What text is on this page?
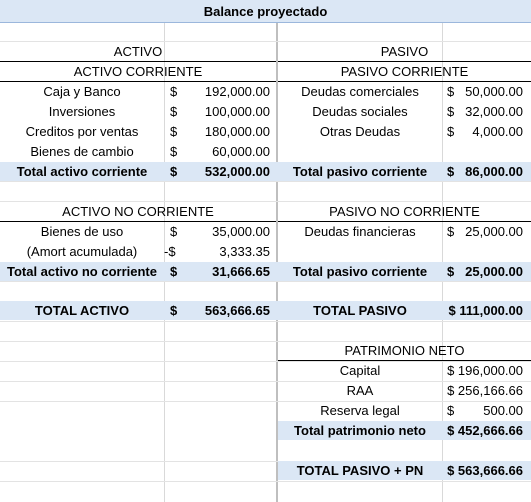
Balance proyectado
ACTIVO	PASIVO
ACTIVO CORRIENTE	PASIVO CORRIENTE
Caja y Banco	$	192,000.00	Deudas comerciales	$ 50,000.00
Inversiones	$	100,000.00	Deudas sociales	$ 32,000.00
Creditos por ventas	$	180,000.00	Otras Deudas	$	4,000.00
Bienes de cambio	$	60,000.00
Total activo corriente	$	532,000.00	Total pasivo corriente	$ 86,000.00
ACTIVO NO CORRIENTE	PASIVO NO CORRIENTE
Bienes de uso	$	35,000.00	Deudas financieras	$ 25,000.00
(Amort acumulada)	-$	3,333.35
Total activo no corriente	$	31,666.65	Total pasivo corriente	$ 25,000.00
TOTAL ACTIVO	$	563,666.65	TOTAL PASIVO	$ 111,000.00
PATRIMONIO NETO
Capital	$ 196,000.00
RAA	$ 256,166.66
Reserva legal	$	500.00
Total patrimonio neto	$ 452,666.66
TOTAL PASIVO + PN	$ 563,666.66
